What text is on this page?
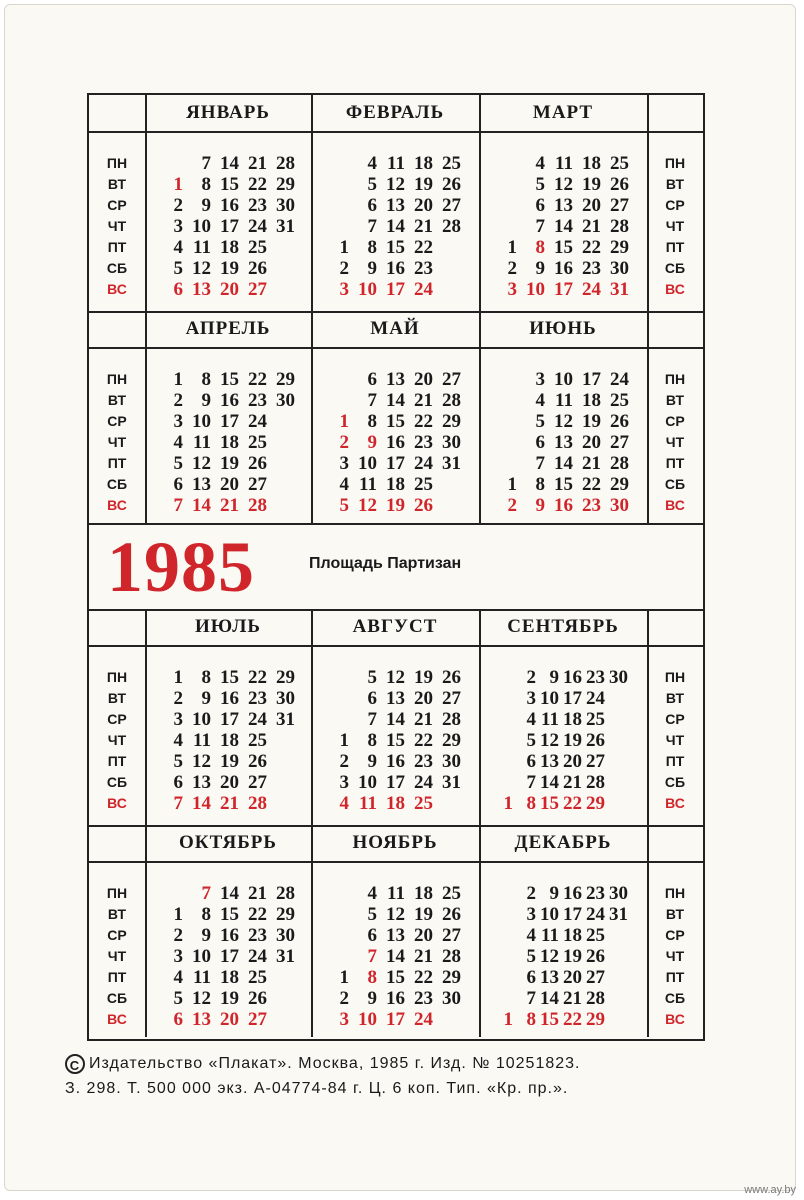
1985	Площадь Партизан
ПН
ВТ
СР
ЧТ
ПТ
СБ
ВС
ПН
ВТ
СР
ЧТ
ПТ
СБ
ВС
ЯНВАРЬ
7 14 21 28
1 8 15 22 29
2 9 16 23 30
3 10 17 24 31
4 11 18 25
5 12 19 26
6 13 20 27
ФЕВРАЛЬ
4 11 18 25
5 12 19 26
6 13 20 27
7 14 21 28
1 8 15 22
2 9 16 23
3 10 17 24
МАРТ
4 11 18 25
5 12 19 26
6 13 20 27
7 14 21 28
1 8 15 22 29
2 9 16 23 30
3 10 17 24 31
ПН
ВТ
СР
ЧТ
ПТ
СБ
ВС
ПН
ВТ
СР
ЧТ
ПТ
СБ
ВС
АПРЕЛЬ
1 8 15 22 29
2 9 16 23 30
3 10 17 24
4 11 18 25
5 12 19 26
6 13 20 27
7 14 21 28
МАЙ
6 13 20 27
7 14 21 28
1 8 15 22 29
2 9 16 23 30
3 10 17 24 31
4 11 18 25
5 12 19 26
ИЮНЬ
3 10 17 24
4 11 18 25
5 12 19 26
6 13 20 27
7 14 21 28
1 8 15 22 29
2 9 16 23 30
ПН
ВТ
СР
ЧТ
ПТ
СБ
ВС
ПН
ВТ
СР
ЧТ
ПТ
СБ
ВС
ИЮЛЬ
1 8 15 22 29
2 9 16 23 30
3 10 17 24 31
4 11 18 25
5 12 19 26
6 13 20 27
7 14 21 28
АВГУСТ
5 12 19 26
6 13 20 27
7 14 21 28
1 8 15 22 29
2 9 16 23 30
3 10 17 24 31
4 11 18 25
СЕНТЯБРЬ
2 9 16 23 30
3 10 17 24
4 11 18 25
5 12 19 26
6 13 20 27
7 14 21 28
1 8 15 22 29
ПН
ВТ
СР
ЧТ
ПТ
СБ
ВС
ПН
ВТ
СР
ЧТ
ПТ
СБ
ВС
ОКТЯБРЬ
7 14 21 28
1 8 15 22 29
2 9 16 23 30
3 10 17 24 31
4 11 18 25
5 12 19 26
6 13 20 27
НОЯБРЬ
4 11 18 25
5 12 19 26
6 13 20 27
7 14 21 28
1 8 15 22 29
2 9 16 23 30
3 10 17 24
ДЕКАБРЬ
2 9 16 23 30
3 10 17 24 31
4 11 18 25
5 12 19 26
6 13 20 27
7 14 21 28
1 8 15 22 29
C Издательство «Плакат». Москва, 1985 г. Изд. № 10251823.
З. 298. Т. 500 000 экз. А-04774-84 г. Ц. 6 коп. Тип. «Кр. пр.».
www.ay.by
